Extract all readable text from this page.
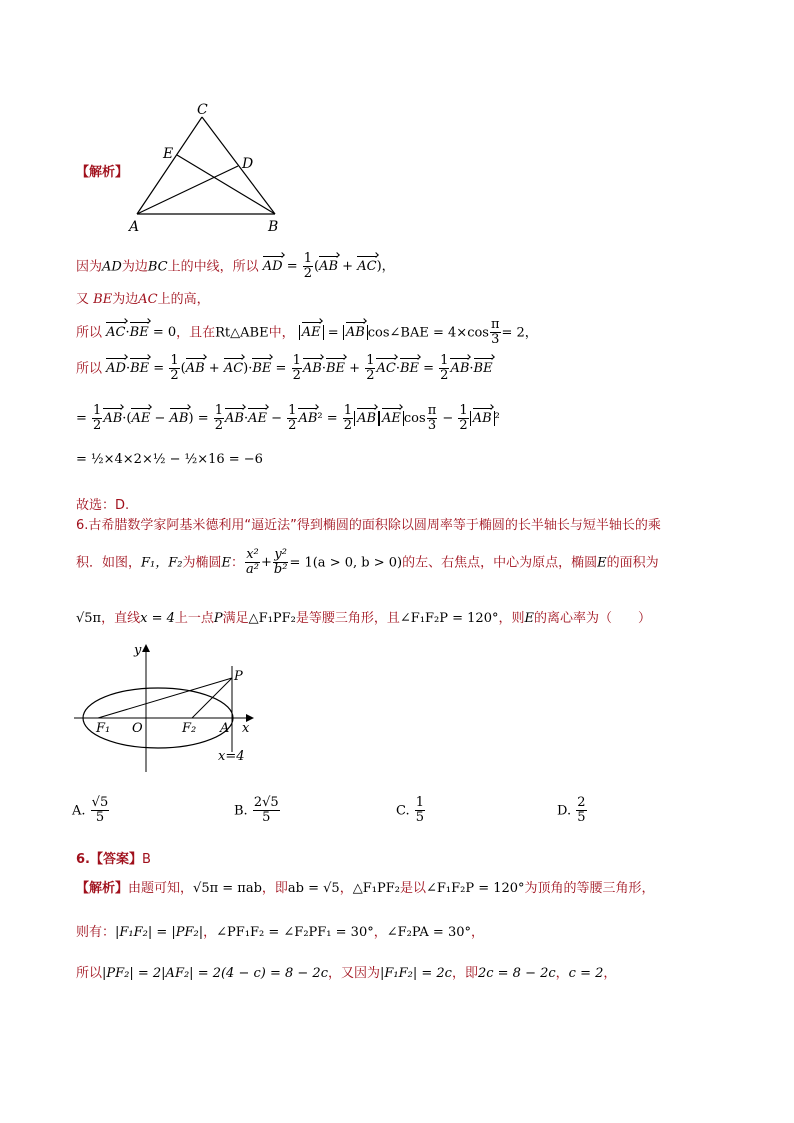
C
E
D
A	B
【解析】
因为AD为边BC上的中线，所以 AD = $\frac{1}{2} (AB + AC)$，
又 BE为边AC上的高，
所以 AC·BE = 0，且在Rt△ABE中， AE = AB cos∠BAE = $4\times\cos \frac{\pi}{3} = 2$，
所以 $AD\cdot BE = \frac{1}{2} (AB + AC)\cdot BE = \frac{1}{2} AB\cdot BE + \frac{1}{2} AC\cdot BE = \frac{1}{2} AB\cdot BE$
= $\frac{1}{2} AB\cdot(AE - AB) = \frac{1}{2} AB\cdot AE - \frac{1}{2} AB^2 = \frac{1}{2}$ AB AE $\cos \frac{\pi}{3} - \frac{1}{2}$ AB ²
= ½×4×2×½ − ½×16 = −6
故选：D.
6.古希腊数学家阿基米德利用“逼近法”得到椭圆的面积除以圆周率等于椭圆的长半轴长与短半轴长的乘
积．如图，F₁，F₂为椭圆E： $\frac{\text{x²}}{\text{a²}} + \frac{\text{y²}}{\text{b²}} = 1(a > 0$, b > 0)的左、右焦点，中心为原点，椭圆E的面积为
√5π，直线x = 4上一点P满足△F₁PF₂是等腰三角形，且∠F₁F₂P = 120°，则E的离心率为（　　）
y
P
F₁ O	F₂ A x
x=4
A. $\frac{√5}{5}$	B. $\frac{2√5}{5}$	C. $\frac{1}{5}$	D. $\frac{2}{5}$
6.【答案】B
【解析】由题可知，√5π = πab，即ab = √5，△F₁PF₂是以∠F₁F₂P = 120°为顶角的等腰三角形，
则有：|F₁F₂| = |PF₂|，∠PF₁F₂ = ∠F₂PF₁ = 30°，∠F₂PA = 30°，
所以|PF₂| = 2|AF₂| = 2(4 − c) = 8 − 2c，又因为|F₁F₂| = 2c，即2c = 8 − 2c，c = 2，
